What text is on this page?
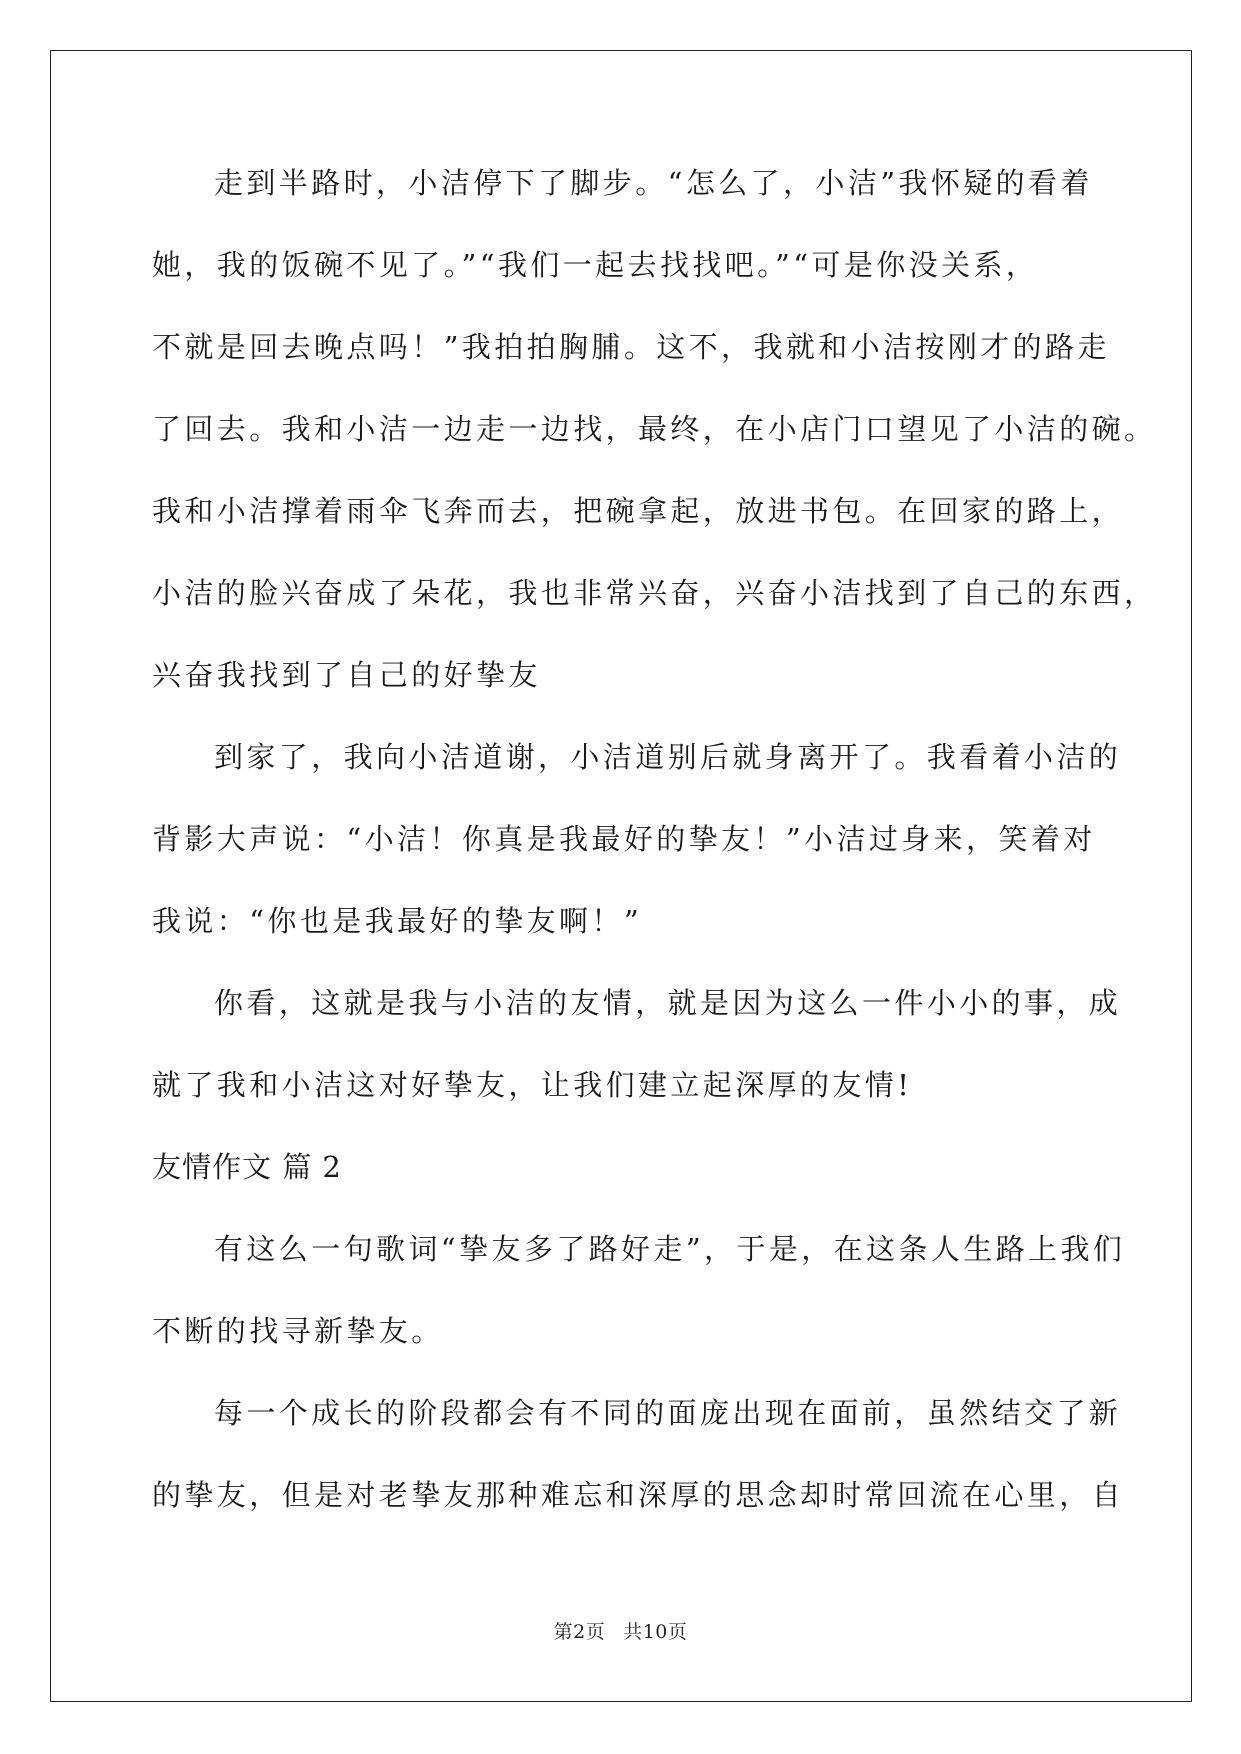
走到半路时，小洁停下了脚步。“怎么了，小洁”我怀疑的看着
她，我的饭碗不见了。”“我们一起去找找吧。”“可是你没关系，
不就是回去晚点吗！”我拍拍胸脯。这不，我就和小洁按刚才的路走
了回去。我和小洁一边走一边找，最终，在小店门口望见了小洁的碗。
我和小洁撑着雨伞飞奔而去，把碗拿起，放进书包。在回家的路上，
小洁的脸兴奋成了朵花，我也非常兴奋，兴奋小洁找到了自己的东西，
兴奋我找到了自己的好挚友
到家了，我向小洁道谢，小洁道别后就身离开了。我看着小洁的
背影大声说：“小洁！你真是我最好的挚友！”小洁过身来，笑着对
我说：“你也是我最好的挚友啊！”
你看，这就是我与小洁的友情，就是因为这么一件小小的事，成
就了我和小洁这对好挚友，让我们建立起深厚的友情!
友情作文 篇 2
有这么一句歌词“挚友多了路好走”，于是，在这条人生路上我们
不断的找寻新挚友。
每一个成长的阶段都会有不同的面庞出现在面前，虽然结交了新
的挚友，但是对老挚友那种难忘和深厚的思念却时常回流在心里，自
第2页 共10页
